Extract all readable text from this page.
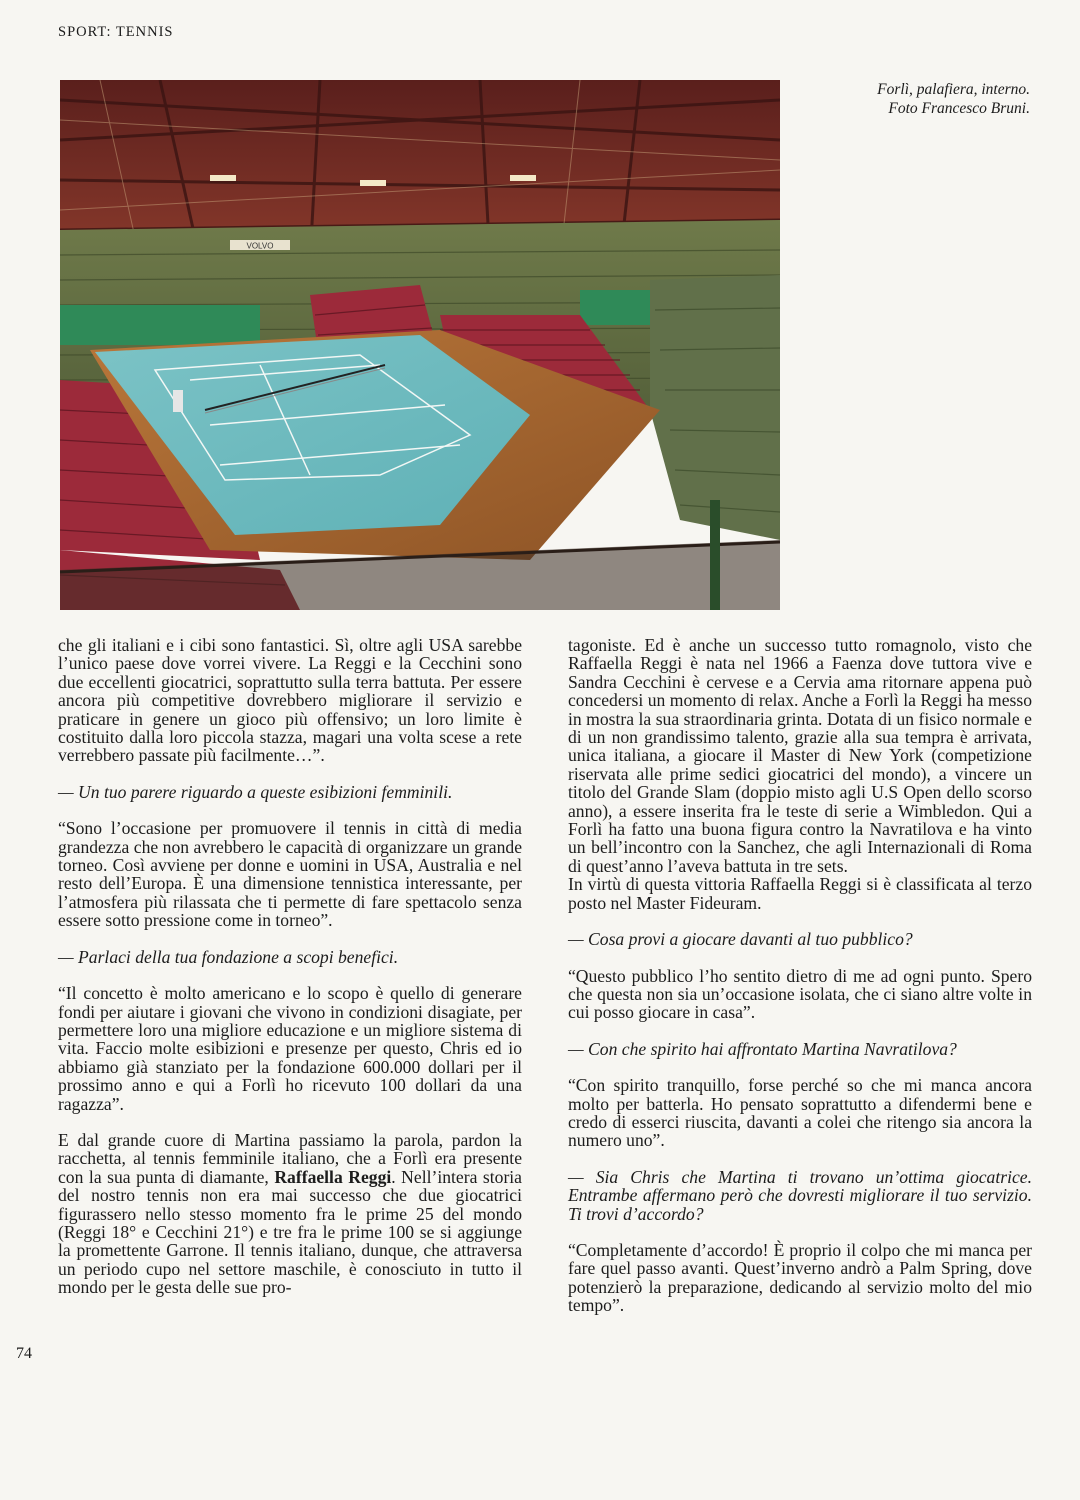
SPORT: TENNIS
VOLVO
Forlì, palafiera, interno.
Foto Francesco Bruni.

che gli italiani e i cibi sono fantastici. Sì, oltre agli USA sarebbe l’unico paese dove vorrei vivere. La Reggi e la Cecchini sono due eccellenti giocatrici, soprattutto sulla terra battuta. Per essere ancora più competitive dovrebbero migliorare il servizio e praticare in genere un gioco più offensivo; un loro limite è costituito dalla loro piccola stazza, magari una volta scese a rete verrebbero passate più facilmente…”.

— Un tuo parere riguardo a queste esibizioni femminili.

“Sono l’occasione per promuovere il tennis in città di media grandezza che non avrebbero le capacità di organizzare un grande torneo. Così avviene per donne e uomini in USA, Australia e nel resto dell’Europa. È una dimensione tennistica interessante, per l’atmosfera più rilassata che ti permette di fare spettacolo senza essere sotto pressione come in torneo”.

— Parlaci della tua fondazione a scopi benefici.

“Il concetto è molto americano e lo scopo è quello di generare fondi per aiutare i giovani che vivono in condizioni disagiate, per permettere loro una migliore educazione e un migliore sistema di vita. Faccio molte esibizioni e presenze per questo, Chris ed io abbiamo già stanziato per la fondazione 600.000 dollari per il prossimo anno e qui a Forlì ho ricevuto 100 dollari da una ragazza”.

E dal grande cuore di Martina passiamo la parola, pardon la racchetta, al tennis femminile italiano, che a Forlì era presente con la sua punta di diamante, Raffaella Reggi. Nell’intera storia del nostro tennis non era mai successo che due giocatrici figurassero nello stesso momento fra le prime 25 del mondo (Reggi 18° e Cecchini 21°) e tre fra le prime 100 se si aggiunge la promettente Garrone. Il tennis italiano, dunque, che attraversa un periodo cupo nel settore maschile, è conosciuto in tutto il mondo per le gesta delle sue pro-

tagoniste. Ed è anche un successo tutto romagnolo, visto che Raffaella Reggi è nata nel 1966 a Faenza dove tuttora vive e Sandra Cecchini è cervese e a Cervia ama ritornare appena può concedersi un momento di relax. Anche a Forlì la Reggi ha messo in mostra la sua straordinaria grinta. Dotata di un fisico normale e di un non grandissimo talento, grazie alla sua tempra è arrivata, unica italiana, a giocare il Master di New York (competizione riservata alle prime sedici giocatrici del mondo), a vincere un titolo del Grande Slam (doppio misto agli U.S Open dello scorso anno), a essere inserita fra le teste di serie a Wimbledon. Qui a Forlì ha fatto una buona figura contro la Navratilova e ha vinto un bell’incontro con la Sanchez, che agli Internazionali di Roma di quest’anno l’aveva battuta in tre sets.

In virtù di questa vittoria Raffaella Reggi si è classificata al terzo posto nel Master Fideuram.

— Cosa provi a giocare davanti al tuo pubblico?

“Questo pubblico l’ho sentito dietro di me ad ogni punto. Spero che questa non sia un’occasione isolata, che ci siano altre volte in cui posso giocare in casa”.

— Con che spirito hai affrontato Martina Navratilova?

“Con spirito tranquillo, forse perché so che mi manca ancora molto per batterla. Ho pensato soprattutto a difendermi bene e credo di esserci riuscita, davanti a colei che ritengo sia ancora la numero uno”.

— Sia Chris che Martina ti trovano un’ottima giocatrice. Entrambe affermano però che dovresti migliorare il tuo servizio. Ti trovi d’accordo?

“Completamente d’accordo! È proprio il colpo che mi manca per fare quel passo avanti. Quest’inverno andrò a Palm Spring, dove potenzierò la preparazione, dedicando al servizio molto del mio tempo”.

74
